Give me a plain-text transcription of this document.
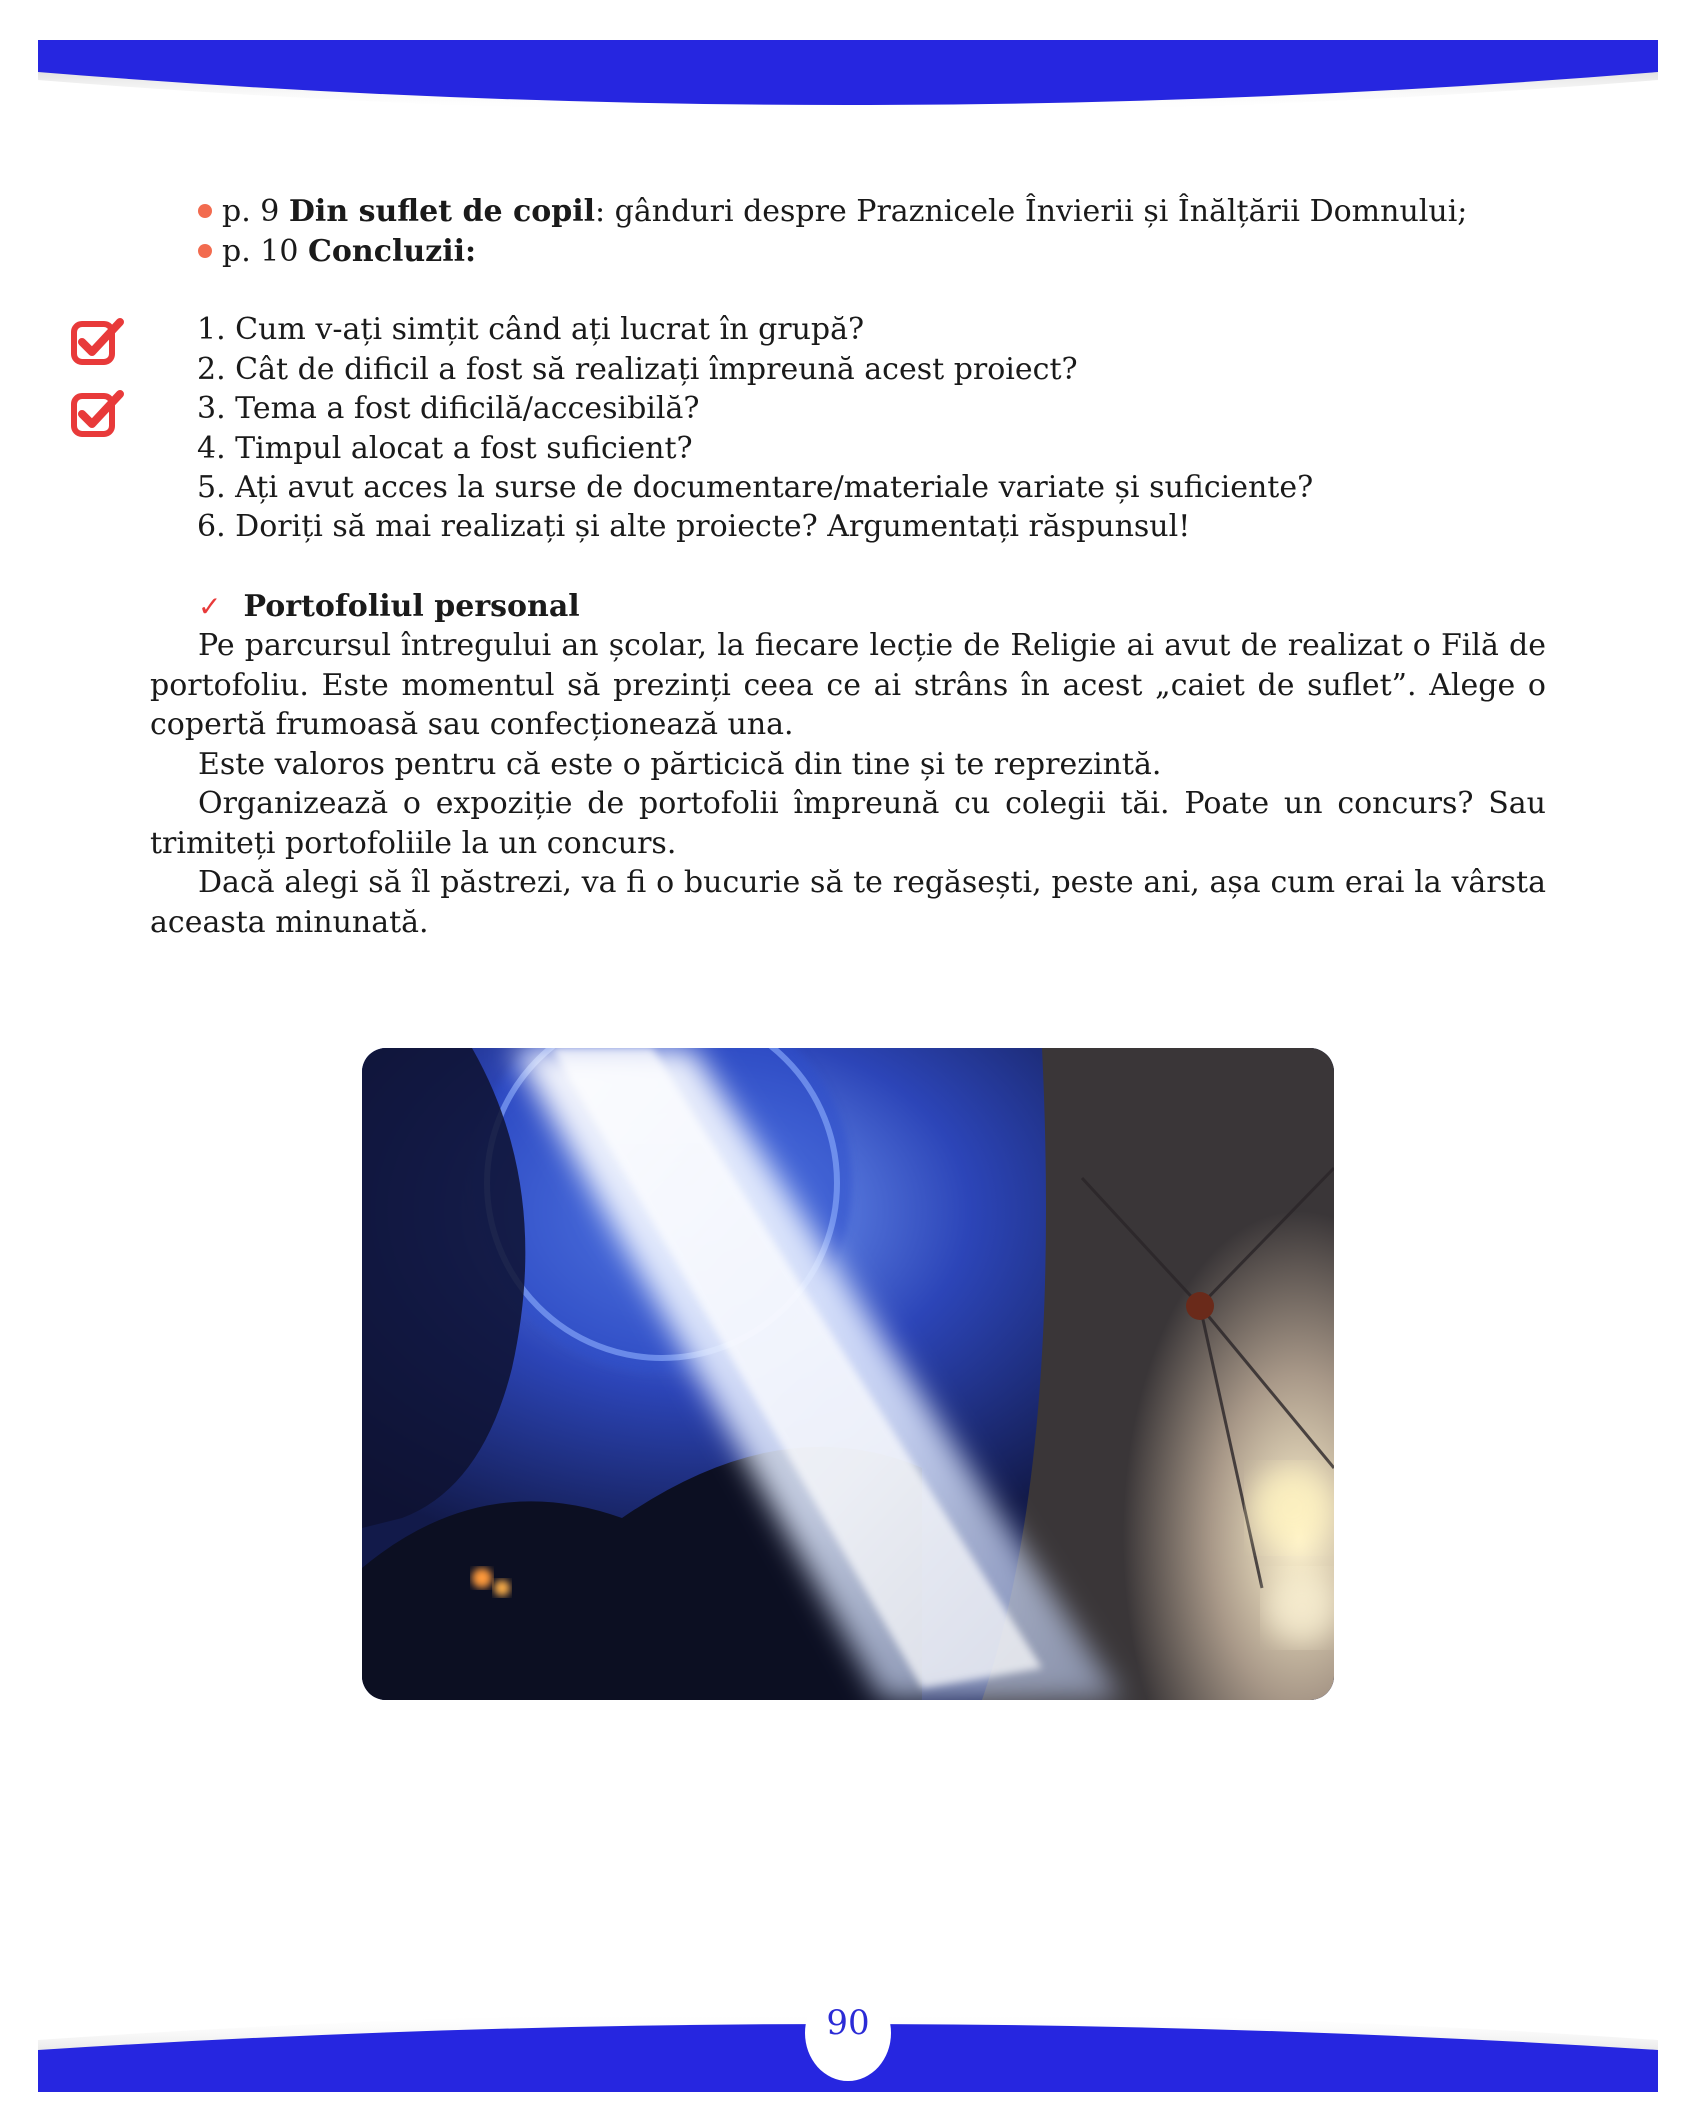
p. 9 Din suflet de copil: gânduri despre Praznicele Învierii și Înălțării Domnului;
p. 10 Concluzii:
1. Cum v-ați simțit când ați lucrat în grupă?
2. Cât de dificil a fost să realizați împreună acest proiect?
3. Tema a fost dificilă/accesibilă?
4. Timpul alocat a fost suficient?
5. Ați avut acces la surse de documentare/materiale variate și suficiente?
6. Doriți să mai realizați și alte proiecte? Argumentați răspunsul!
✓ Portofoliul personal
Pe parcursul întregului an școlar, la fiecare lecție de Religie ai avut de realizat o Filă de portofoliu. Este momentul să prezinți ceea ce ai strâns în acest „caiet de suflet”. Alege o copertă frumoasă sau confecționează una.
Este valoros pentru că este o părticică din tine și te reprezintă.
Organizează o expoziție de portofolii împreună cu colegii tăi. Poate un concurs? Sau trimiteți portofoliile la un concurs.
Dacă alegi să îl păstrezi, va fi o bucurie să te regăsești, peste ani, așa cum erai la vârsta aceasta minunată.
90
